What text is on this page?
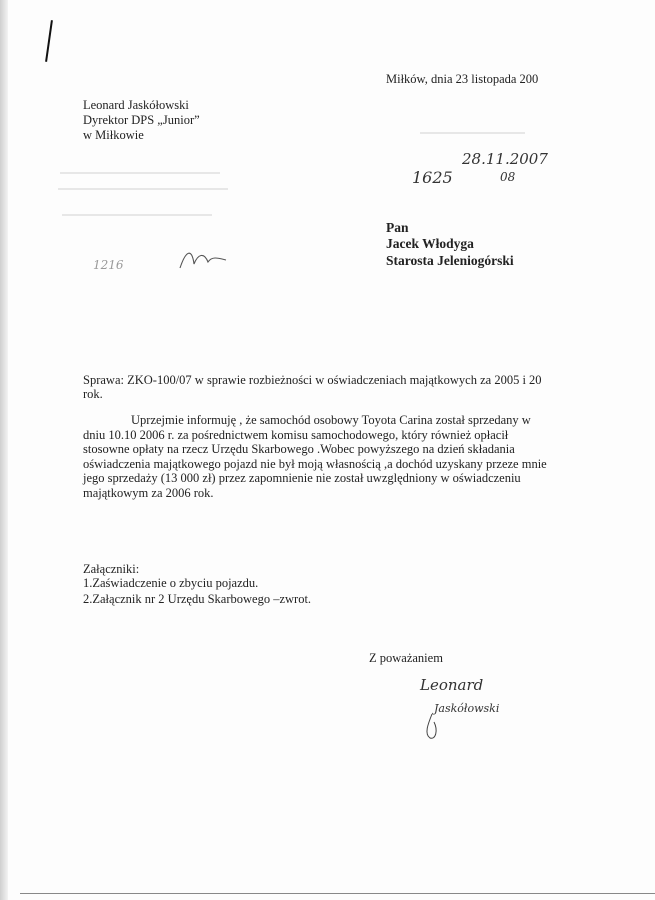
Miłków, dnia 23 listopada 200
Leonard Jaskółowski
Dyrektor DPS „Junior”
w Miłkowie
28.11.2007
1625	08
1216
Pan
Jacek Włodyga
Starosta Jeleniogórski
Sprawa: ZKO-100/07 w sprawie rozbieżności w oświadczeniach majątkowych za 2005 i 20
rok.
Uprzejmie informuję , że samochód osobowy Toyota Carina został sprzedany w
dniu 10.10 2006 r. za pośrednictwem komisu samochodowego, który również opłacił
stosowne opłaty na rzecz Urzędu Skarbowego .Wobec powyższego na dzień składania
oświadczenia majątkowego pojazd nie był moją własnością ,a dochód uzyskany przeze mnie
jego sprzedaży (13 000 zł) przez zapomnienie nie został uwzględniony w oświadczeniu
majątkowym za 2006 rok.
Załączniki:
1.Zaświadczenie o zbyciu pojazdu.
2.Załącznik nr 2 Urzędu Skarbowego –zwrot.
Z poważaniem
Leonard
Jaskółowski
